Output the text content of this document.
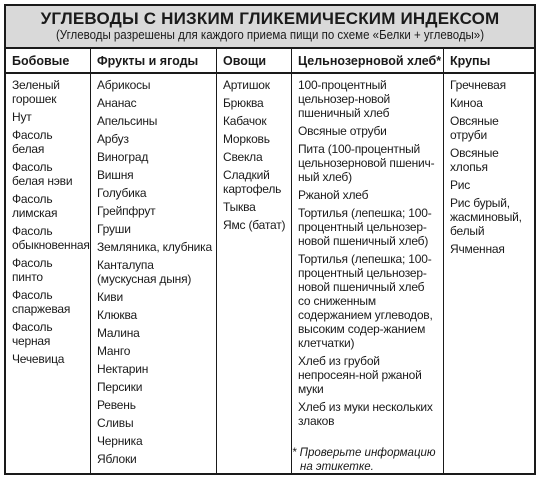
УГЛЕВОДЫ С НИЗКИМ ГЛИКЕМИЧЕСКИМ ИНДЕКСОМ
(Углеводы разрешены для каждого приема пищи по схеме «Белки + углеводы»)
Бобовые
Зеленый горошек
Нут
Фасоль белая
Фасоль белая нэви
Фасоль лимская
Фасоль обыкновенная
Фасоль пинто
Фасоль спаржевая
Фасоль черная
Чечевица
Фрукты и ягоды
Абрикосы
Ананас
Апельсины
Арбуз
Виноград
Вишня
Голубика
Грейпфрут
Груши
Земляника, клубника
Канталупа (мускусная дыня)
Киви
Клюква
Малина
Манго
Нектарин
Персики
Ревень
Сливы
Черника
Яблоки
Овощи
Артишок
Брюква
Кабачок
Морковь
Свекла
Сладкий картофель
Тыква
Ямс (батат)
Цельнозерновой хлеб*
100-процентный цельнозер-новой пшеничный хлеб
Овсяные отруби
Пита (100-процентный цельнозерновой пшенич-ный хлеб)
Ржаной хлеб
Тортилья (лепешка; 100-процентный цельнозер-новой пшеничный хлеб)
Тортилья (лепешка; 100-процентный цельнозер-новой пшеничный хлеб со сниженным содержанием углеводов, высоким содер-жанием клетчатки)
Хлеб из грубой непросеян-ной ржаной муки
Хлеб из муки нескольких злаков
* Проверьте информацию
на этикетке.
Крупы
Гречневая
Киноа
Овсяные отруби
Овсяные хлопья
Рис
Рис бурый, жасминовый, белый
Ячменная
